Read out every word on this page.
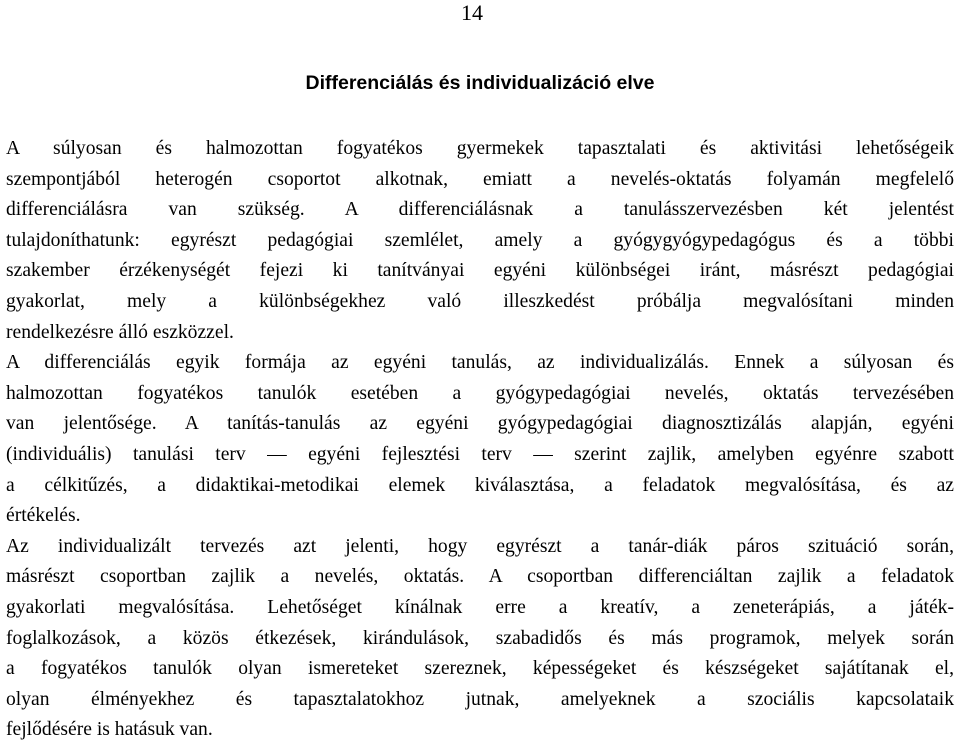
14
Differenciálás és individualizáció elve

A súlyosan és halmozottan fogyatékos gyermekek tapasztalati és aktivitási lehetőségeik
szempontjából heterogén csoportot alkotnak, emiatt a nevelés-oktatás folyamán megfelelő
differenciálásra van szükség. A differenciálásnak a tanulásszervezésben két jelentést
tulajdoníthatunk: egyrészt pedagógiai szemlélet, amely a gyógygyógypedagógus és a többi
szakember érzékenységét fejezi ki tanítványai egyéni különbségei iránt, másrészt pedagógiai
gyakorlat, mely a különbségekhez való illeszkedést próbálja megvalósítani minden
rendelkezésre álló eszközzel.

A differenciálás egyik formája az egyéni tanulás, az individualizálás. Ennek a súlyosan és
halmozottan fogyatékos tanulók esetében a gyógypedagógiai nevelés, oktatás tervezésében
van jelentősége. A tanítás-tanulás az egyéni gyógypedagógiai diagnosztizálás alapján, egyéni
(individuális) tanulási terv — egyéni fejlesztési terv — szerint zajlik, amelyben egyénre szabott
a célkitűzés, a didaktikai-metodikai elemek kiválasztása, a feladatok megvalósítása, és az
értékelés.

Az individualizált tervezés azt jelenti, hogy egyrészt a tanár-diák páros szituáció során,
másrészt csoportban zajlik a nevelés, oktatás. A csoportban differenciáltan zajlik a feladatok
gyakorlati megvalósítása. Lehetőséget kínálnak erre a kreatív, a zeneterápiás, a játék-
foglalkozások, a közös étkezések, kirándulások, szabadidős és más programok, melyek során
a fogyatékos tanulók olyan ismereteket szereznek, képességeket és készségeket sajátítanak el,
olyan élményekhez és tapasztalatokhoz jutnak, amelyeknek a szociális kapcsolataik
fejlődésére is hatásuk van.
